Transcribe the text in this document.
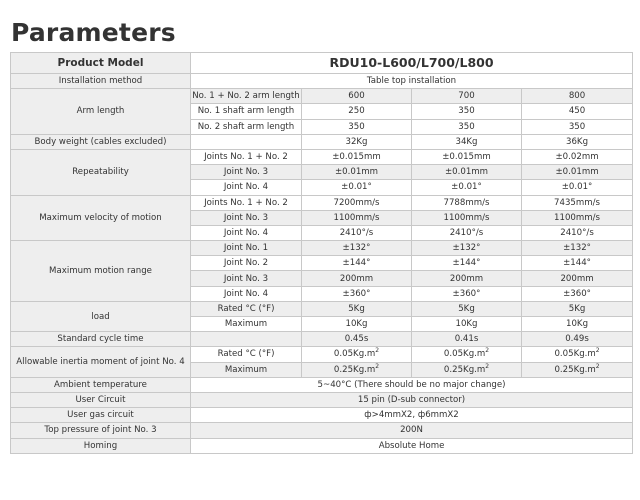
Parameters
Product Model	RDU10-L600/L700/L800			
Installation method	Table top installation			
Arm length	No. 1 + No. 2 arm length	600	700	800
	No. 1 shaft arm length	250	350	450
	No. 2 shaft arm length	350	350	350
Body weight (cables excluded)		32Kg	34Kg	36Kg
Repeatability	Joints No. 1 + No. 2	±0.015mm	±0.015mm	±0.02mm
	Joint No. 3	±0.01mm	±0.01mm	±0.01mm
	Joint No. 4	±0.01°	±0.01°	±0.01°
Maximum velocity of motion	Joints No. 1 + No. 2	7200mm/s	7788mm/s	7435mm/s
	Joint No. 3	1100mm/s	1100mm/s	1100mm/s
	Joint No. 4	2410°/s	2410°/s	2410°/s
Maximum motion range	Joint No. 1	±132°	±132°	±132°
	Joint No. 2	±144°	±144°	±144°
	Joint No. 3	200mm	200mm	200mm
	Joint No. 4	±360°	±360°	±360°
load	Rated °C (°F)	5Kg	5Kg	5Kg
	Maximum	10Kg	10Kg	10Kg
Standard cycle time		0.45s	0.41s	0.49s
Allowable inertia moment of joint No. 4	Rated °C (°F)	$0.05Kg.m^2$	$0.05Kg.m^2$	$0.05Kg.m^2$
	Maximum	$0.25Kg.m^2$	$0.25Kg.m^2$	$0.25Kg.m^2$
Ambient temperature	5~40°C (There should be no major change)			
User Circuit	15 pin (D-sub connector)			
User gas circuit	ф>4mmX2, ф6mmX2			
Top pressure of joint No. 3	200N			
Homing	Absolute Home			
